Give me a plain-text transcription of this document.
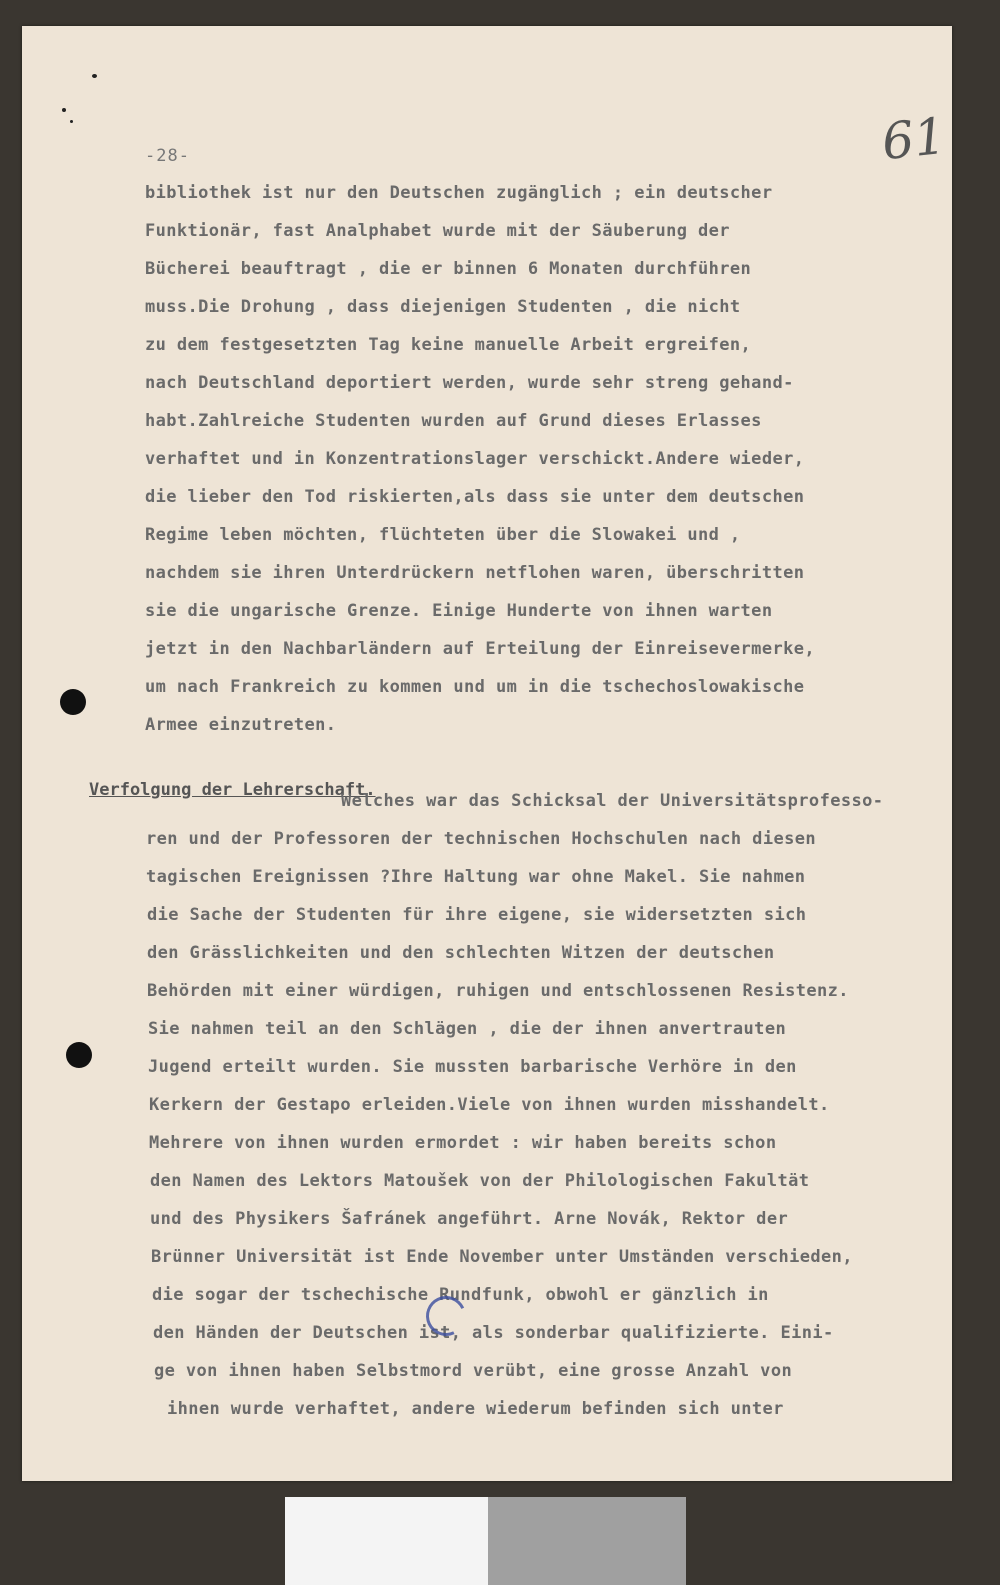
-28-	61
bibliothek ist nur den Deutschen zugänglich ; ein deutscher
Funktionär, fast Analphabet wurde mit der Säuberung der
Bücherei beauftragt , die er binnen 6 Monaten durchführen
muss.Die Drohung , dass diejenigen Studenten , die nicht
zu dem festgesetzten Tag keine manuelle Arbeit ergreifen,
nach Deutschland deportiert werden, wurde sehr streng gehand-
habt.Zahlreiche Studenten wurden auf Grund dieses Erlasses
verhaftet und in Konzentrationslager verschickt.Andere wieder,
die lieber den Tod riskierten,als dass sie unter dem deutschen
Regime leben möchten, flüchteten über die Slowakei und ,
nachdem sie ihren Unterdrückern netflohen waren, überschritten
sie die ungarische Grenze. Einige Hunderte von ihnen warten
jetzt in den Nachbarländern auf Erteilung der Einreisevermerke,
um nach Frankreich zu kommen und um in die tschechoslowakische
Armee einzutreten.
Verfolgung der Lehrerschaft.
Welches war das Schicksal der Universitätsprofesso-
ren und der Professoren der technischen Hochschulen nach diesen
tagischen Ereignissen ?Ihre Haltung war ohne Makel. Sie nahmen
die Sache der Studenten für ihre eigene, sie widersetzten sich
den Grässlichkeiten und den schlechten Witzen der deutschen
Behörden mit einer würdigen, ruhigen und entschlossenen Resistenz.
Sie nahmen teil an den Schlägen , die der ihnen anvertrauten
Jugend erteilt wurden. Sie mussten barbarische Verhöre in den
Kerkern der Gestapo erleiden.Viele von ihnen wurden misshandelt.
Mehrere von ihnen wurden ermordet : wir haben bereits schon
den Namen des Lektors Matoušek von der Philologischen Fakultät
und des Physikers Šafránek angeführt. Arne Novák, Rektor der
Brünner Universität ist Ende November unter Umständen verschieden,
die sogar der tschechische Rundfunk, obwohl er gänzlich in
den Händen der Deutschen ist, als sonderbar qualifizierte. Eini-
ge von ihnen haben Selbstmord verübt, eine grosse Anzahl von
ihnen wurde verhaftet, andere wiederum befinden sich unter
